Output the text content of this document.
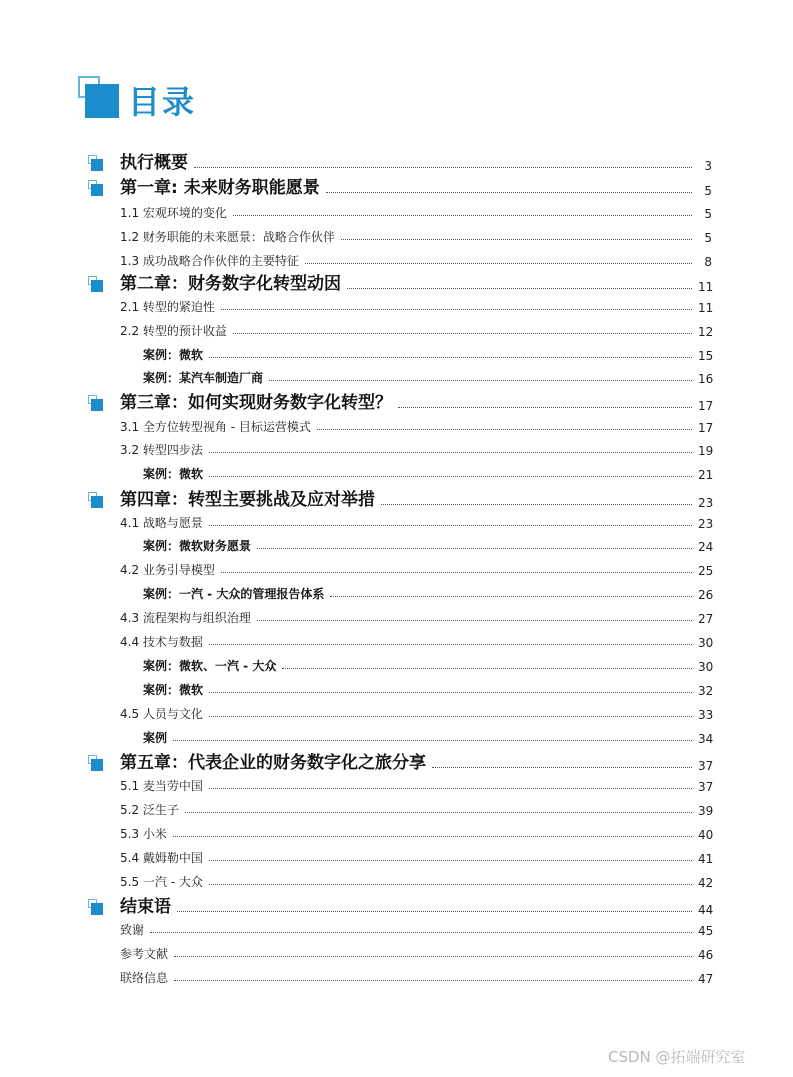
目录
执行概要	3
第一章: 未来财务职能愿景	5
1.1 宏观环境的变化	5
1.2 财务职能的未来愿景：战略合作伙伴	5
1.3 成功战略合作伙伴的主要特征	8
第二章：财务数字化转型动因	11
2.1 转型的紧迫性	11
2.2 转型的预计收益	12
案例：微软	15
案例：某汽车制造厂商	16
第三章：如何实现财务数字化转型？	17
3.1 全方位转型视角 - 目标运营模式	17
3.2 转型四步法	19
案例：微软	21
第四章：转型主要挑战及应对举措	23
4.1 战略与愿景	23
案例：微软财务愿景	24
4.2 业务引导模型	25
案例：一汽 - 大众的管理报告体系	26
4.3 流程架构与组织治理	27
4.4 技术与数据	30
案例：微软、一汽 - 大众	30
案例：微软	32
4.5 人员与文化	33
案例	34
第五章：代表企业的财务数字化之旅分享	37
5.1 麦当劳中国	37
5.2 泛生子	39
5.3 小米	40
5.4 戴姆勒中国	41
5.5 一汽 - 大众	42
结束语	44
致谢	45
参考文献	46
联络信息	47
CSDN @拓端研究室
